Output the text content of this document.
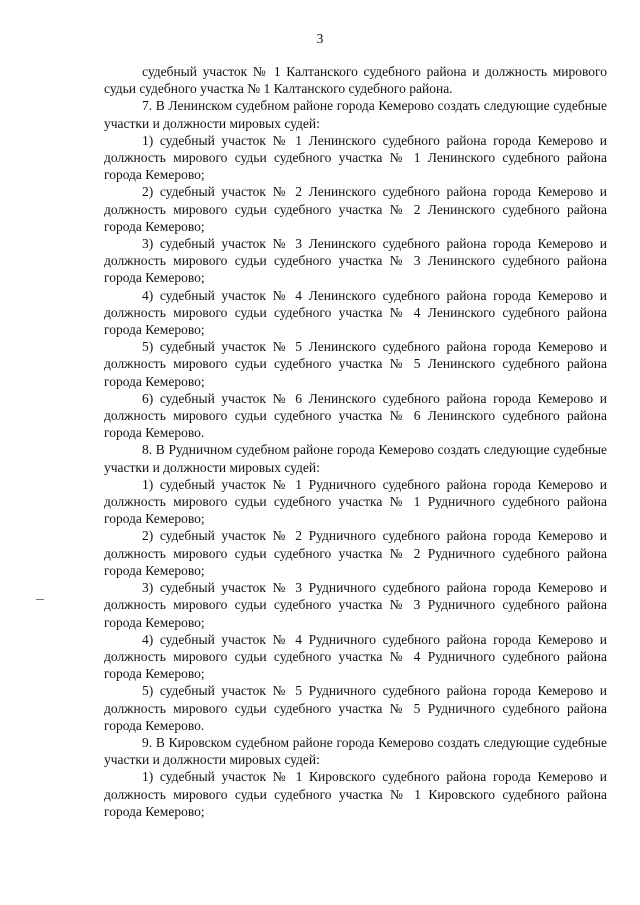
3

судебный участок № 1 Калтанского судебного района и должность мирового судьи судебного участка № 1 Калтанского судебного района.

7. В Ленинском судебном районе города Кемерово создать следующие судебные участки и должности мировых судей:

1) судебный участок № 1 Ленинского судебного района города Кемерово и должность мирового судьи судебного участка № 1 Ленинского судебного района города Кемерово;

2) судебный участок № 2 Ленинского судебного района города Кемерово и должность мирового судьи судебного участка № 2 Ленинского судебного района города Кемерово;

3) судебный участок № 3 Ленинского судебного района города Кемерово и должность мирового судьи судебного участка № 3 Ленинского судебного района города Кемерово;

4) судебный участок № 4 Ленинского судебного района города Кемерово и должность мирового судьи судебного участка № 4 Ленинского судебного района города Кемерово;

5) судебный участок № 5 Ленинского судебного района города Кемерово и должность мирового судьи судебного участка № 5 Ленинского судебного района города Кемерово;

6) судебный участок № 6 Ленинского судебного района города Кемерово и должность мирового судьи судебного участка № 6 Ленинского судебного района города Кемерово.

8. В Рудничном судебном районе города Кемерово создать следующие судебные участки и должности мировых судей:

1) судебный участок № 1 Рудничного судебного района города Кемерово и должность мирового судьи судебного участка № 1 Рудничного судебного района города Кемерово;

2) судебный участок № 2 Рудничного судебного района города Кемерово и должность мирового судьи судебного участка № 2 Рудничного судебного района города Кемерово;

3) судебный участок № 3 Рудничного судебного района города Кемерово и должность мирового судьи судебного участка № 3 Рудничного судебного района города Кемерово;

4) судебный участок № 4 Рудничного судебного района города Кемерово и должность мирового судьи судебного участка № 4 Рудничного судебного района города Кемерово;

5) судебный участок № 5 Рудничного судебного района города Кемерово и должность мирового судьи судебного участка № 5 Рудничного судебного района города Кемерово.

9. В Кировском судебном районе города Кемерово создать следующие судебные участки и должности мировых судей:

1) судебный участок № 1 Кировского судебного района города Кемерово и должность мирового судьи судебного участка № 1 Кировского судебного района города Кемерово;
